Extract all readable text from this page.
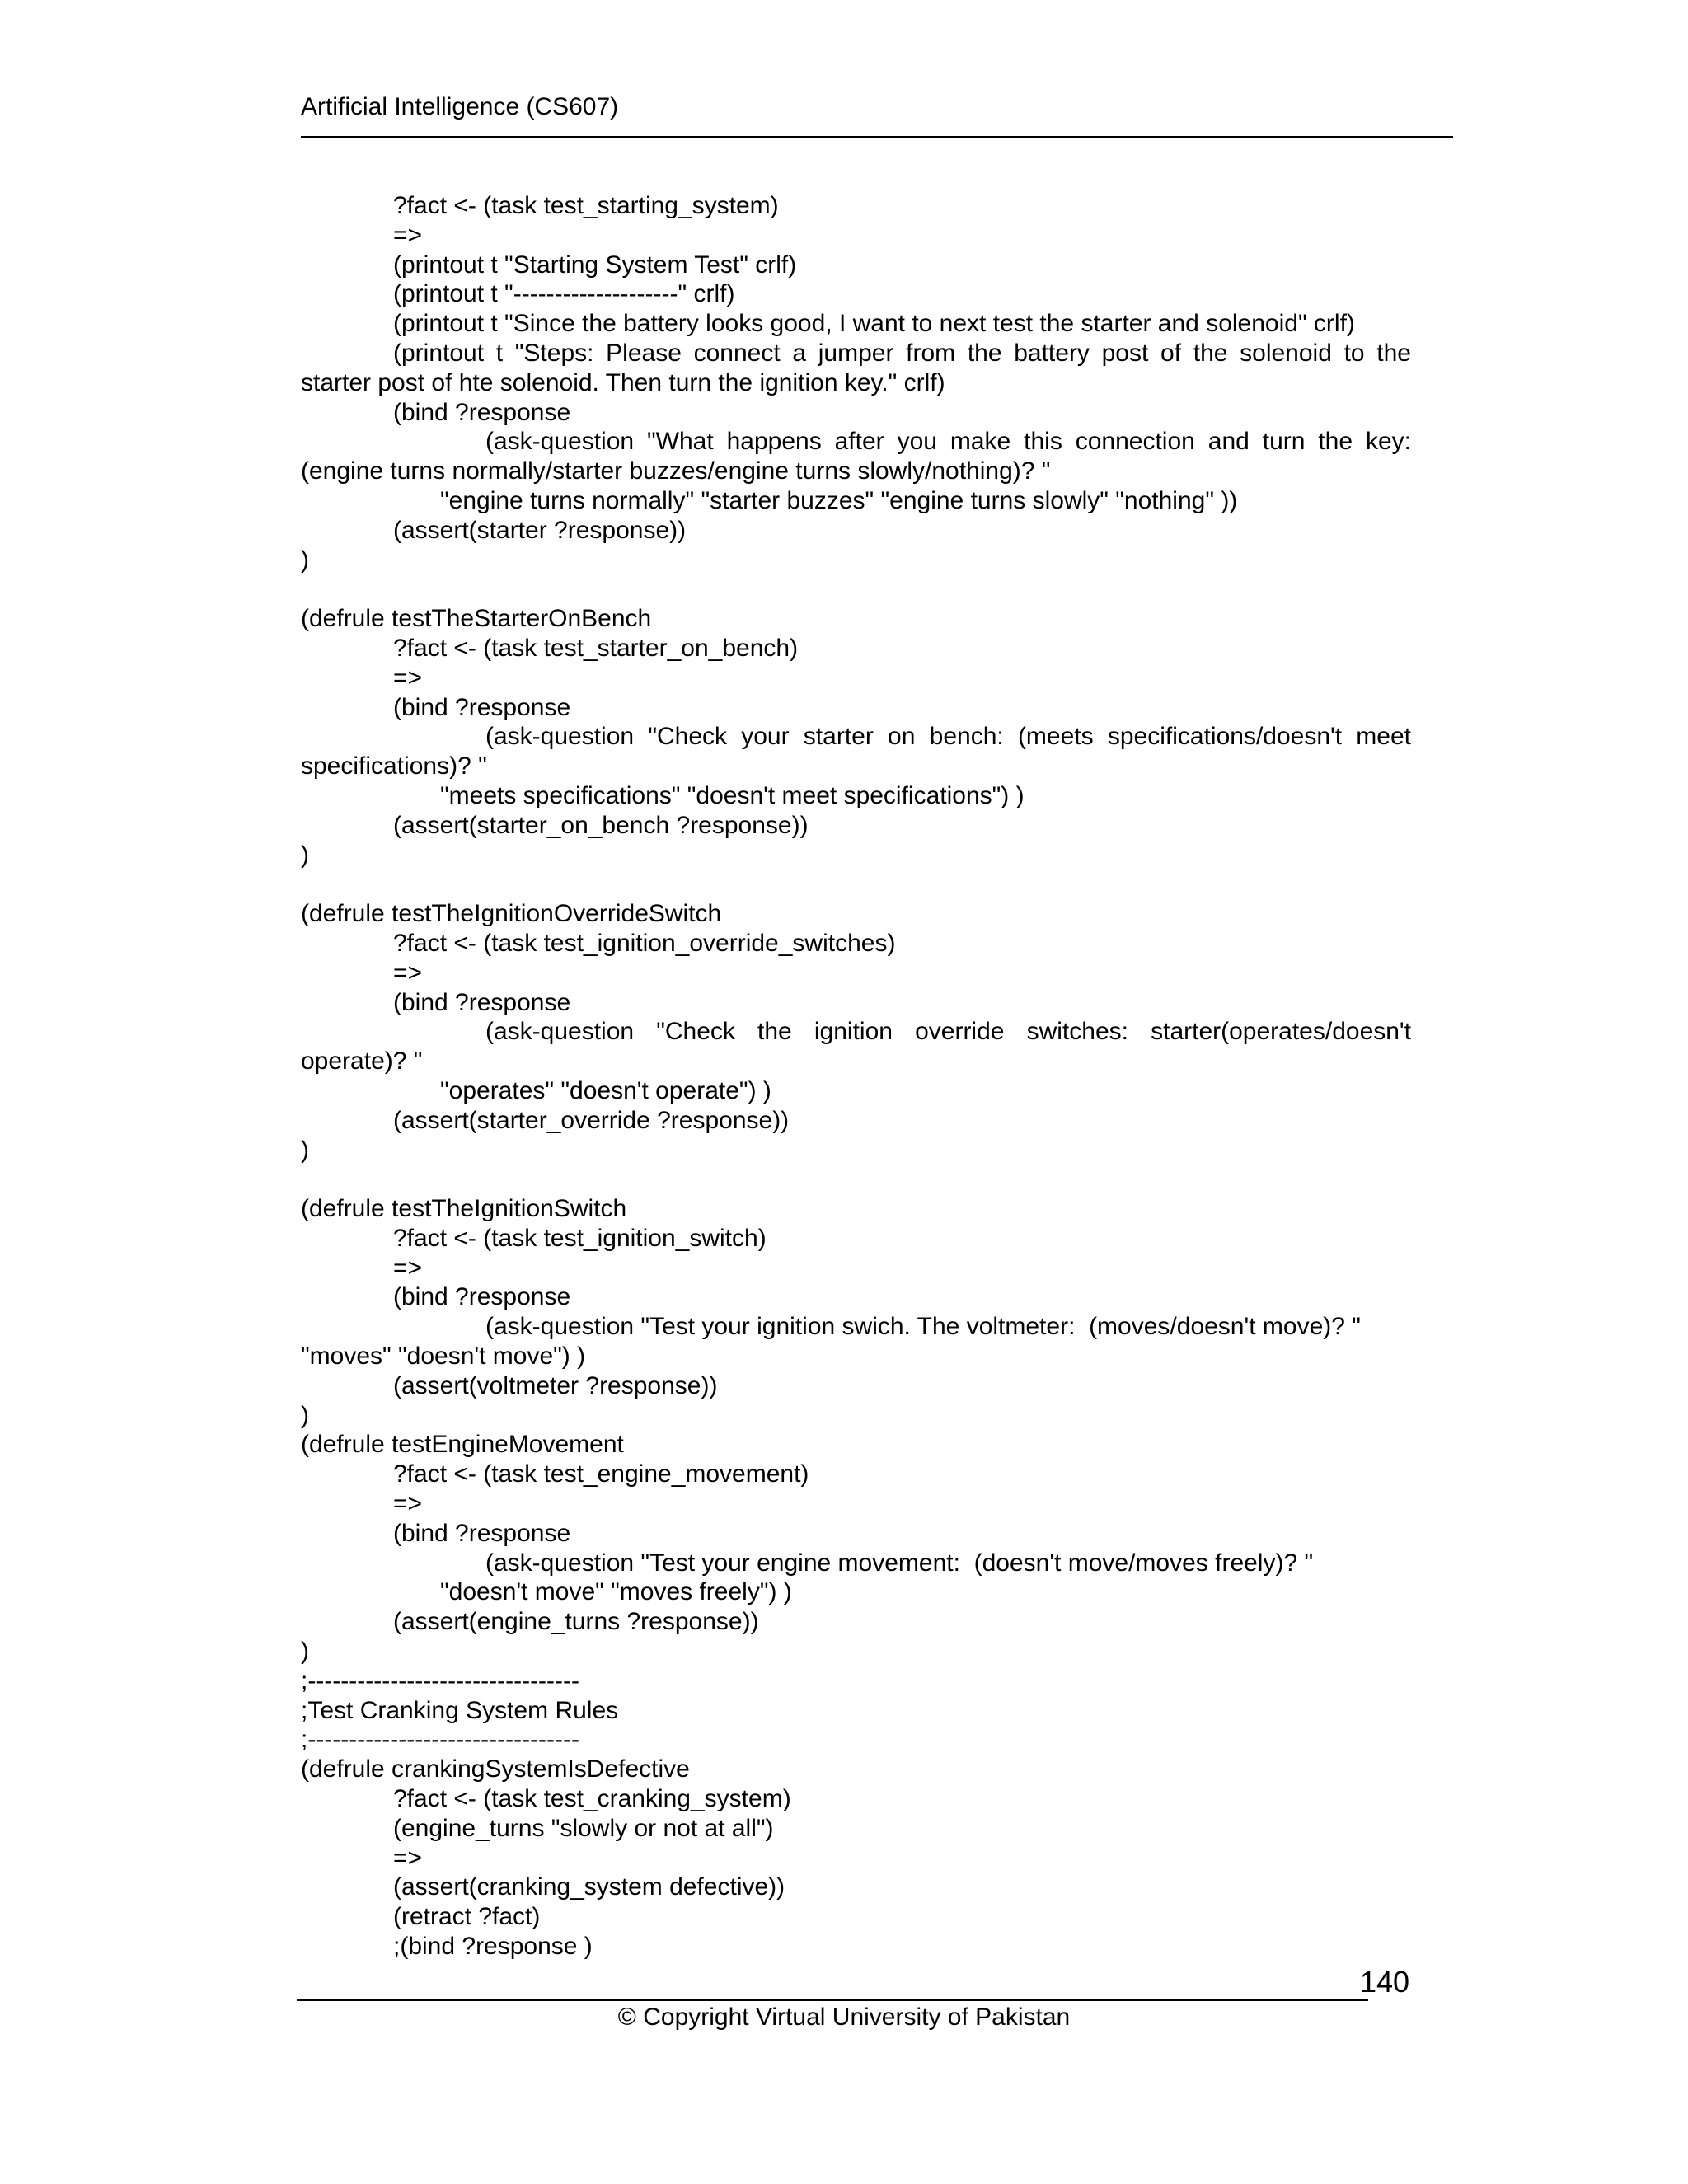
Artificial Intelligence (CS607)
?fact <- (task test_starting_system)
=>
(printout t "Starting System Test" crlf)
(printout t "--------------------" crlf)
(printout t "Since the battery looks good, I want to next test the starter and solenoid" crlf)
(printout t "Steps: Please connect a jumper from the battery post of the solenoid to the
starter post of hte solenoid. Then turn the ignition key." crlf)
(bind ?response
(ask-question "What happens after you make this connection and turn the key:
(engine turns normally/starter buzzes/engine turns slowly/nothing)? "
"engine turns normally" "starter buzzes" "engine turns slowly" "nothing" ))
(assert(starter ?response))
)
(defrule testTheStarterOnBench
?fact <- (task test_starter_on_bench)
=>
(bind ?response
(ask-question "Check your starter on bench: (meets specifications/doesn't meet
specifications)? "
"meets specifications" "doesn't meet specifications") )
(assert(starter_on_bench ?response))
)
(defrule testTheIgnitionOverrideSwitch
?fact <- (task test_ignition_override_switches)
=>
(bind ?response
(ask-question "Check the ignition override switches: starter(operates/doesn't
operate)? "
"operates" "doesn't operate") )
(assert(starter_override ?response))
)
(defrule testTheIgnitionSwitch
?fact <- (task test_ignition_switch)
=>
(bind ?response
(ask-question "Test your ignition swich. The voltmeter:  (moves/doesn't move)? "
"moves" "doesn't move") )
(assert(voltmeter ?response))
)
(defrule testEngineMovement
?fact <- (task test_engine_movement)
=>
(bind ?response
(ask-question "Test your engine movement:  (doesn't move/moves freely)? "
"doesn't move" "moves freely") )
(assert(engine_turns ?response))
)
;---------------------------------
;Test Cranking System Rules
;---------------------------------
(defrule crankingSystemIsDefective
?fact <- (task test_cranking_system)
(engine_turns "slowly or not at all")
=>
(assert(cranking_system defective))
(retract ?fact)
;(bind ?response )
140
© Copyright Virtual University of Pakistan
